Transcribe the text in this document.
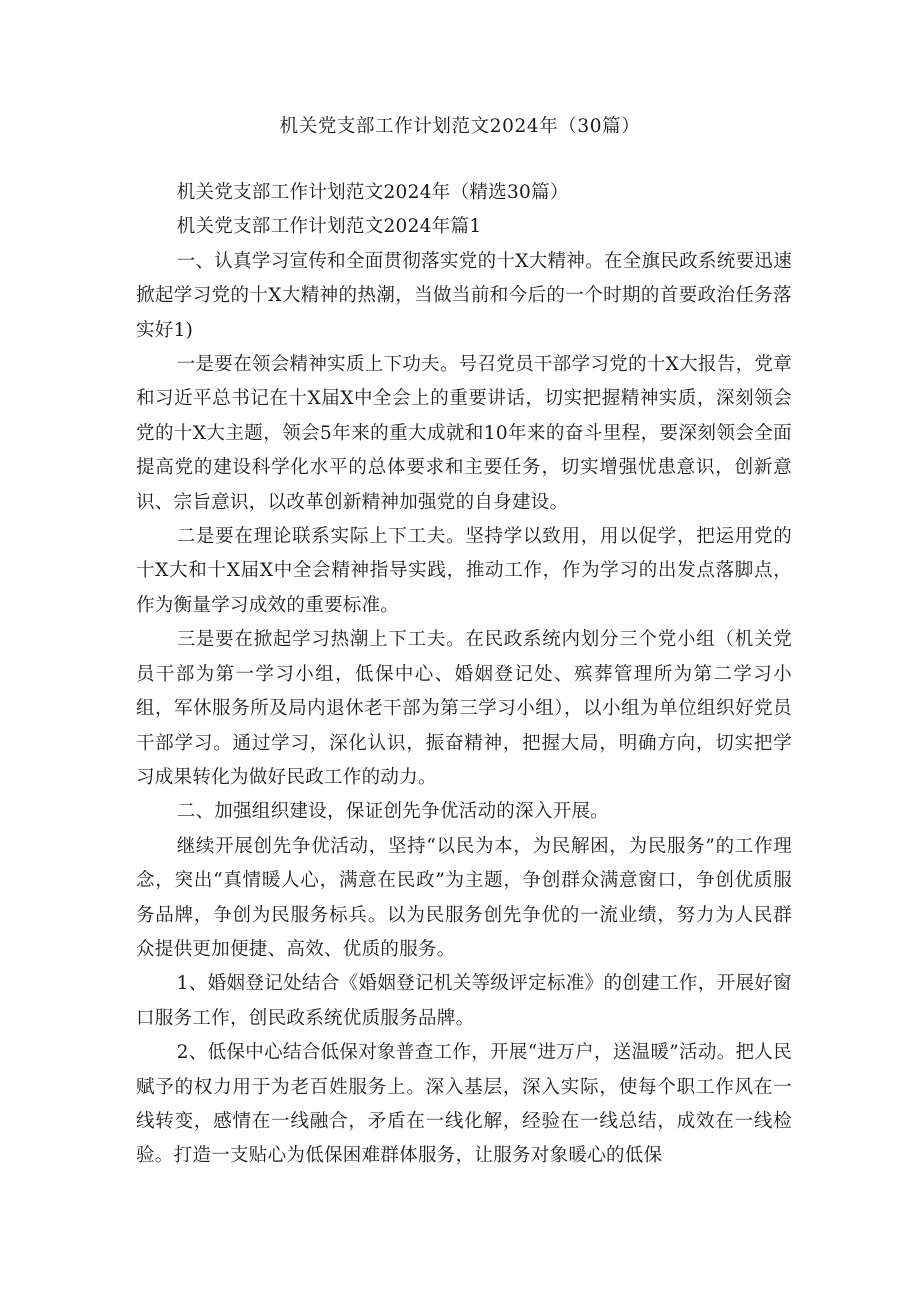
机关党支部工作计划范文2024年（30篇）

机关党支部工作计划范文2024年（精选30篇）

机关党支部工作计划范文2024年篇1

一、认真学习宣传和全面贯彻落实党的十X大精神。在全旗民政系统要迅速掀起学习党的十X大精神的热潮，当做当前和今后的一个时期的首要政治任务落实好1)

一是要在领会精神实质上下功夫。号召党员干部学习党的十X大报告，党章和习近平总书记在十X届X中全会上的重要讲话，切实把握精神实质，深刻领会党的十X大主题，领会5年来的重大成就和10年来的奋斗里程，要深刻领会全面提高党的建设科学化水平的总体要求和主要任务，切实增强忧患意识，创新意识、宗旨意识，以改革创新精神加强党的自身建设。

二是要在理论联系实际上下工夫。坚持学以致用，用以促学，把运用党的十X大和十X届X中全会精神指导实践，推动工作，作为学习的出发点落脚点，作为衡量学习成效的重要标准。

三是要在掀起学习热潮上下工夫。在民政系统内划分三个党小组（机关党员干部为第一学习小组，低保中心、婚姻登记处、殡葬管理所为第二学习小组，军休服务所及局内退休老干部为第三学习小组），以小组为单位组织好党员干部学习。通过学习，深化认识，振奋精神，把握大局，明确方向，切实把学习成果转化为做好民政工作的动力。

二、加强组织建设，保证创先争优活动的深入开展。

继续开展创先争优活动，坚持“以民为本，为民解困，为民服务”的工作理念，突出“真情暖人心，满意在民政”为主题，争创群众满意窗口，争创优质服务品牌，争创为民服务标兵。以为民服务创先争优的一流业绩，努力为人民群众提供更加便捷、高效、优质的服务。

1、婚姻登记处结合《婚姻登记机关等级评定标准》的创建工作，开展好窗口服务工作，创民政系统优质服务品牌。

2、低保中心结合低保对象普查工作，开展“进万户，送温暖”活动。把人民赋予的权力用于为老百姓服务上。深入基层，深入实际，使每个职工作风在一线转变，感情在一线融合，矛盾在一线化解，经验在一线总结，成效在一线检验。打造一支贴心为低保困难群体服务，让服务对象暖心的低保
